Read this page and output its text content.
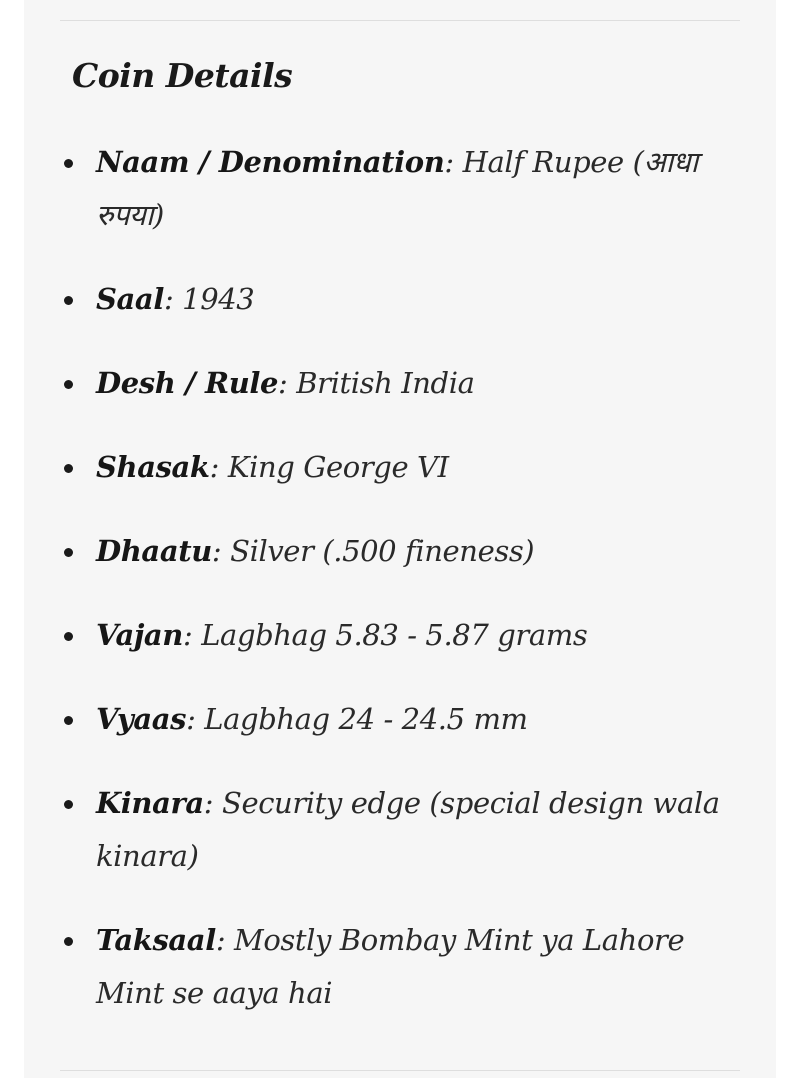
Coin Details
Naam / Denomination: Half Rupee (आधा रुपया)
Saal: 1943
Desh / Rule: British India
Shasak: King George VI
Dhaatu: Silver (.500 fineness)
Vajan: Lagbhag 5.83 - 5.87 grams
Vyaas: Lagbhag 24 - 24.5 mm
Kinara: Security edge (special design wala kinara)
Taksaal: Mostly Bombay Mint ya Lahore Mint se aaya hai
